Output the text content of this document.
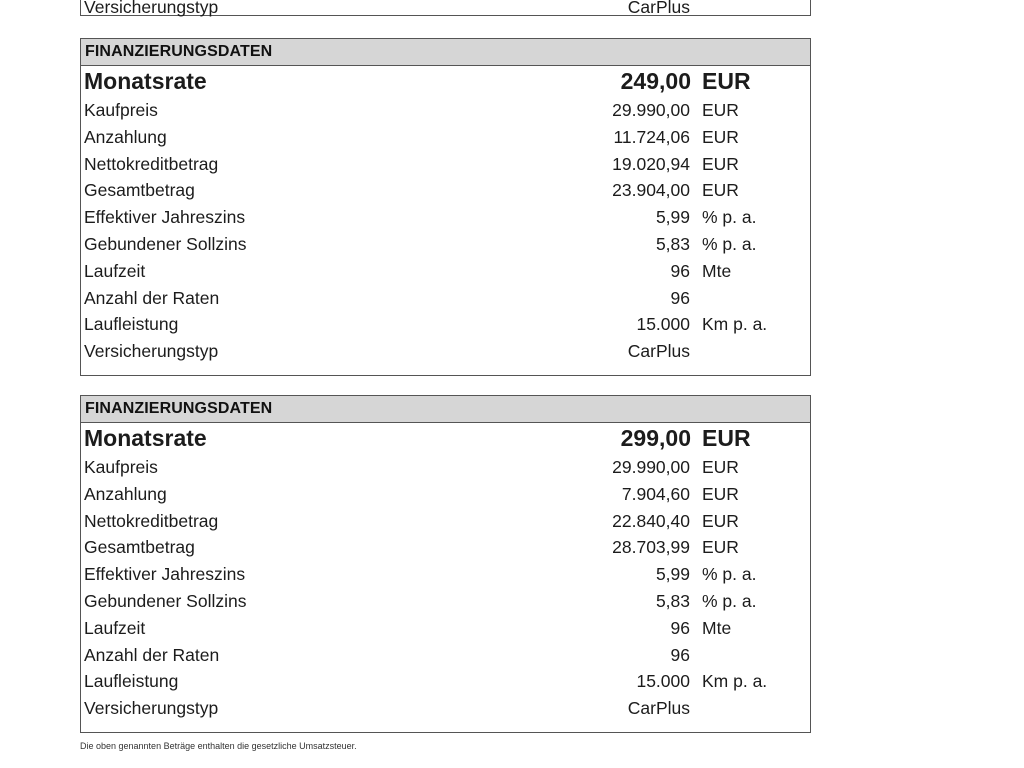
Versicherungstyp	CarPlus
FINANZIERUNGSDATEN
Monatsrate	249,00 EUR
Kaufpreis	29.990,00 EUR
Anzahlung	11.724,06 EUR
Nettokreditbetrag	19.020,94 EUR
Gesamtbetrag	23.904,00 EUR
Effektiver Jahreszins	5,99 % p. a.
Gebundener Sollzins	5,83 % p. a.
Laufzeit	96 Mte
Anzahl der Raten	96
Laufleistung	15.000 Km p. a.
Versicherungstyp	CarPlus
FINANZIERUNGSDATEN
Monatsrate	299,00 EUR
Kaufpreis	29.990,00 EUR
Anzahlung	7.904,60 EUR
Nettokreditbetrag	22.840,40 EUR
Gesamtbetrag	28.703,99 EUR
Effektiver Jahreszins	5,99 % p. a.
Gebundener Sollzins	5,83 % p. a.
Laufzeit	96 Mte
Anzahl der Raten	96
Laufleistung	15.000 Km p. a.
Versicherungstyp	CarPlus
Die oben genannten Beträge enthalten die gesetzliche Umsatzsteuer.
